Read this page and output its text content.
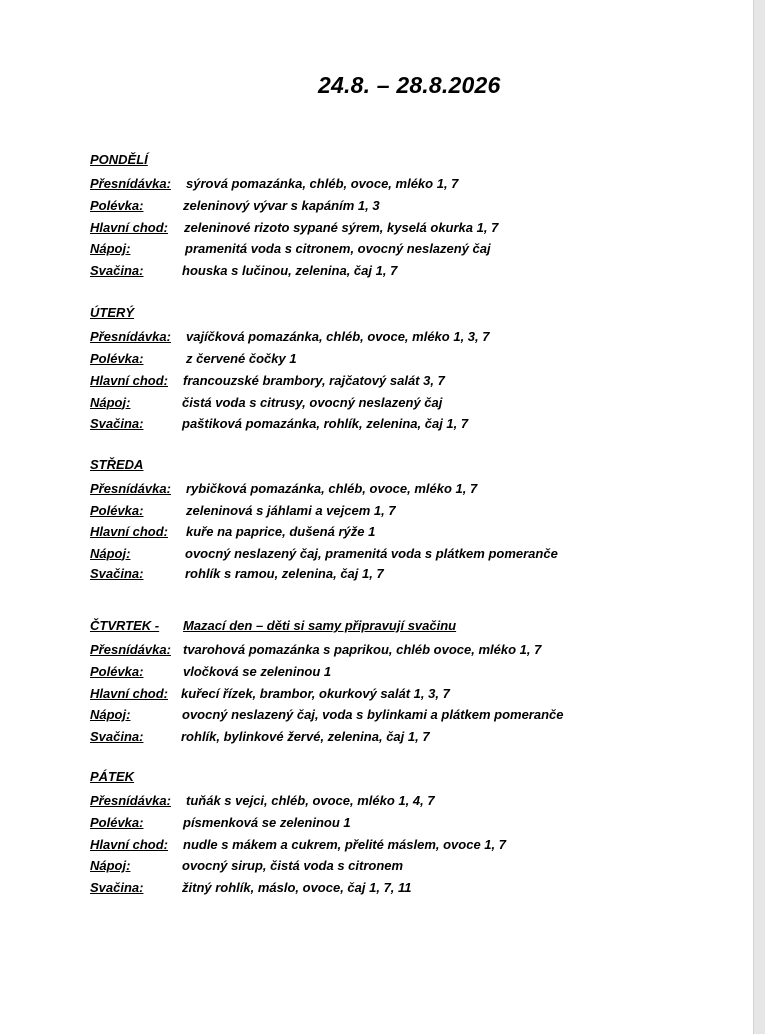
24.8. – 28.8.2026
PONDĚLÍ
Přesnídávka: sýrová pomazánka, chléb, ovoce, mléko 1, 7
Polévka:	zeleninový vývar s kapáním 1, 3
Hlavní chod: zeleninové rizoto sypané sýrem, kyselá okurka 1, 7
Nápoj:	pramenitá voda s citronem, ovocný neslazený čaj
Svačina:	houska s lučinou, zelenina, čaj 1, 7
ÚTERÝ
Přesnídávka: vajíčková pomazánka, chléb, ovoce, mléko 1, 3, 7
Polévka:	z červené čočky 1
Hlavní chod: francouzské brambory, rajčatový salát 3, 7
Nápoj:	čistá voda s citrusy, ovocný neslazený čaj
Svačina:	paštiková pomazánka, rohlík, zelenina, čaj 1, 7
STŘEDA
Přesnídávka: rybičková pomazánka, chléb, ovoce, mléko 1, 7
Polévka:	zeleninová s jáhlami a vejcem 1, 7
Hlavní chod: kuře na paprice, dušená rýže 1
Nápoj:	ovocný neslazený čaj, pramenitá voda s plátkem pomeranče
Svačina:	rohlík s ramou, zelenina, čaj 1, 7
ČTVRTEK - Mazací den – děti si samy připravují svačinu
Přesnídávka: tvarohová pomazánka s paprikou, chléb ovoce, mléko 1, 7
Polévka:	vločková se zeleninou 1
Hlavní chod: kuřecí řízek, brambor, okurkový salát 1, 3, 7
Nápoj:	ovocný neslazený čaj, voda s bylinkami a plátkem pomeranče
Svačina:	rohlík, bylinkové žervé, zelenina, čaj 1, 7
PÁTEK
Přesnídávka: tuňák s vejci, chléb, ovoce, mléko 1, 4, 7
Polévka:	písmenková se zeleninou 1
Hlavní chod: nudle s mákem a cukrem, přelité máslem, ovoce 1, 7
Nápoj:	ovocný sirup, čistá voda s citronem
Svačina:	žitný rohlík, máslo, ovoce, čaj 1, 7, 11
